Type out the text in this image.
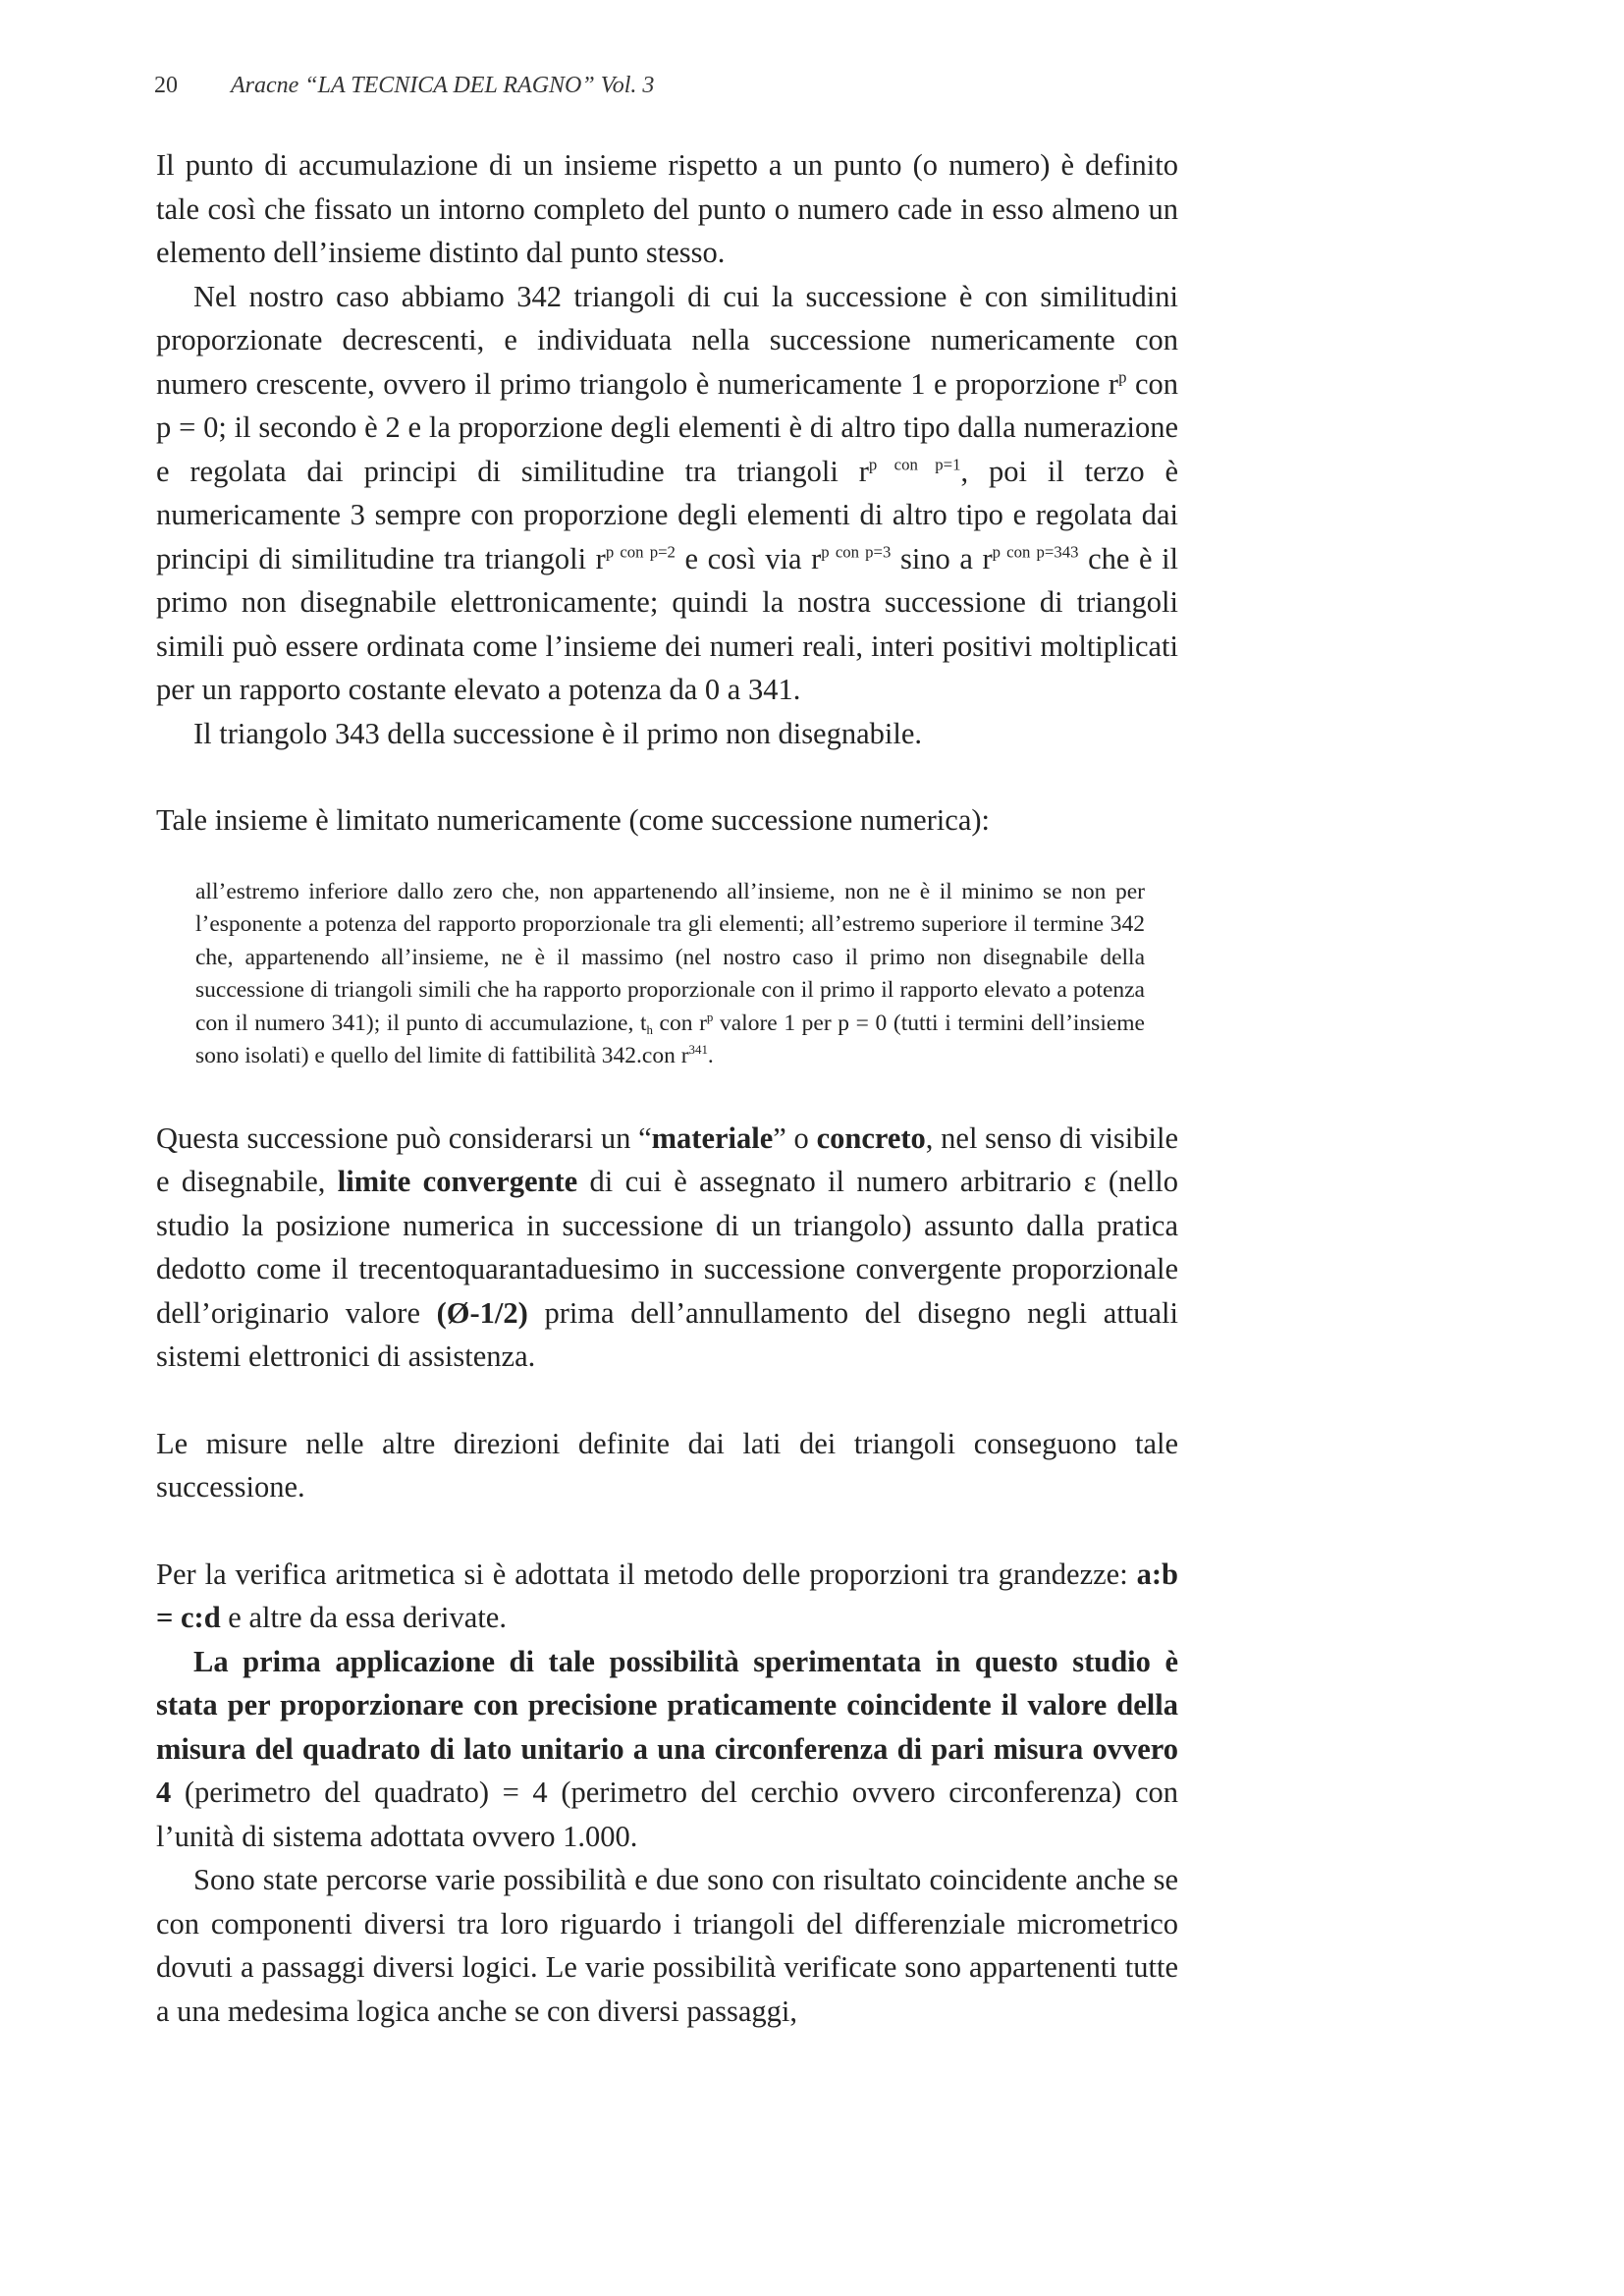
20 Aracne “LA TECNICA DEL RAGNO” Vol. 3

Il punto di accumulazione di un insieme rispetto a un punto (o numero) è definito tale così che fissato un intorno completo del punto o numero cade in esso almeno un elemento dell’insieme distinto dal punto stesso.

Nel nostro caso abbiamo 342 triangoli di cui la successione è con similitudini proporzionate decrescenti, e individuata nella successione numericamente con numero crescente, ovvero il primo triangolo è numericamente 1 e proporzione $r^p$ con p = 0; il secondo è 2 e la proporzione degli elementi è di altro tipo dalla numerazione e regolata dai principi di similitudine tra triangoli $r^{p con p=1}$, poi il terzo è numericamente 3 sempre con proporzione degli elementi di altro tipo e regolata dai principi di similitudine tra triangoli $r^{p con p=2}$ e così via $r^{p con p=3}$ sino a $r^{p con p=343}$ che è il primo non disegnabile elettronicamente; quindi la nostra successione di triangoli simili può essere ordinata come l’insieme dei numeri reali, interi positivi moltiplicati per un rapporto costante elevato a potenza da 0 a 341.

Il triangolo 343 della successione è il primo non disegnabile.

Tale insieme è limitato numericamente (come successione numerica):

all’estremo inferiore dallo zero che, non appartenendo all’insieme, non ne è il minimo se non per l’esponente a potenza del rapporto proporzionale tra gli elementi; all’estremo superiore il termine 342 che, appartenendo all’insieme, ne è il massimo (nel nostro caso il primo non disegnabile della successione di triangoli simili che ha rapporto proporzionale con il primo il rapporto elevato a potenza con il numero 341); il punto di accumulazione, $t_h$ con $r^p$ valore 1 per p = 0 (tutti i termini dell’insieme sono isolati) e quello del limite di fattibilità 342.con $r^{341}$.

Questa successione può considerarsi un “materiale” o concreto, nel senso di visibile e disegnabile, limite convergente di cui è assegnato il numero arbitrario ε (nello studio la posizione numerica in successione di un triangolo) assunto dalla pratica dedotto come il trecentoquarantaduesimo in successione convergente proporzionale dell’originario valore (Ø-1/2) prima dell’annullamento del disegno negli attuali sistemi elettronici di assistenza.

Le misure nelle altre direzioni definite dai lati dei triangoli conseguono tale successione.

Per la verifica aritmetica si è adottata il metodo delle proporzioni tra grandezze: a:b = c:d e altre da essa derivate.

La prima applicazione di tale possibilità sperimentata in questo studio è stata per proporzionare con precisione praticamente coincidente il valore della misura del quadrato di lato unitario a una circonferenza di pari misura ovvero 4 (perimetro del quadrato) = 4 (perimetro del cerchio ovvero circonferenza) con l’unità di sistema adottata ovvero 1.000.

Sono state percorse varie possibilità e due sono con risultato coincidente anche se con componenti diversi tra loro riguardo i triangoli del differenziale micrometrico dovuti a passaggi diversi logici. Le varie possibilità verificate sono appartenenti tutte a una medesima logica anche se con diversi passaggi,
